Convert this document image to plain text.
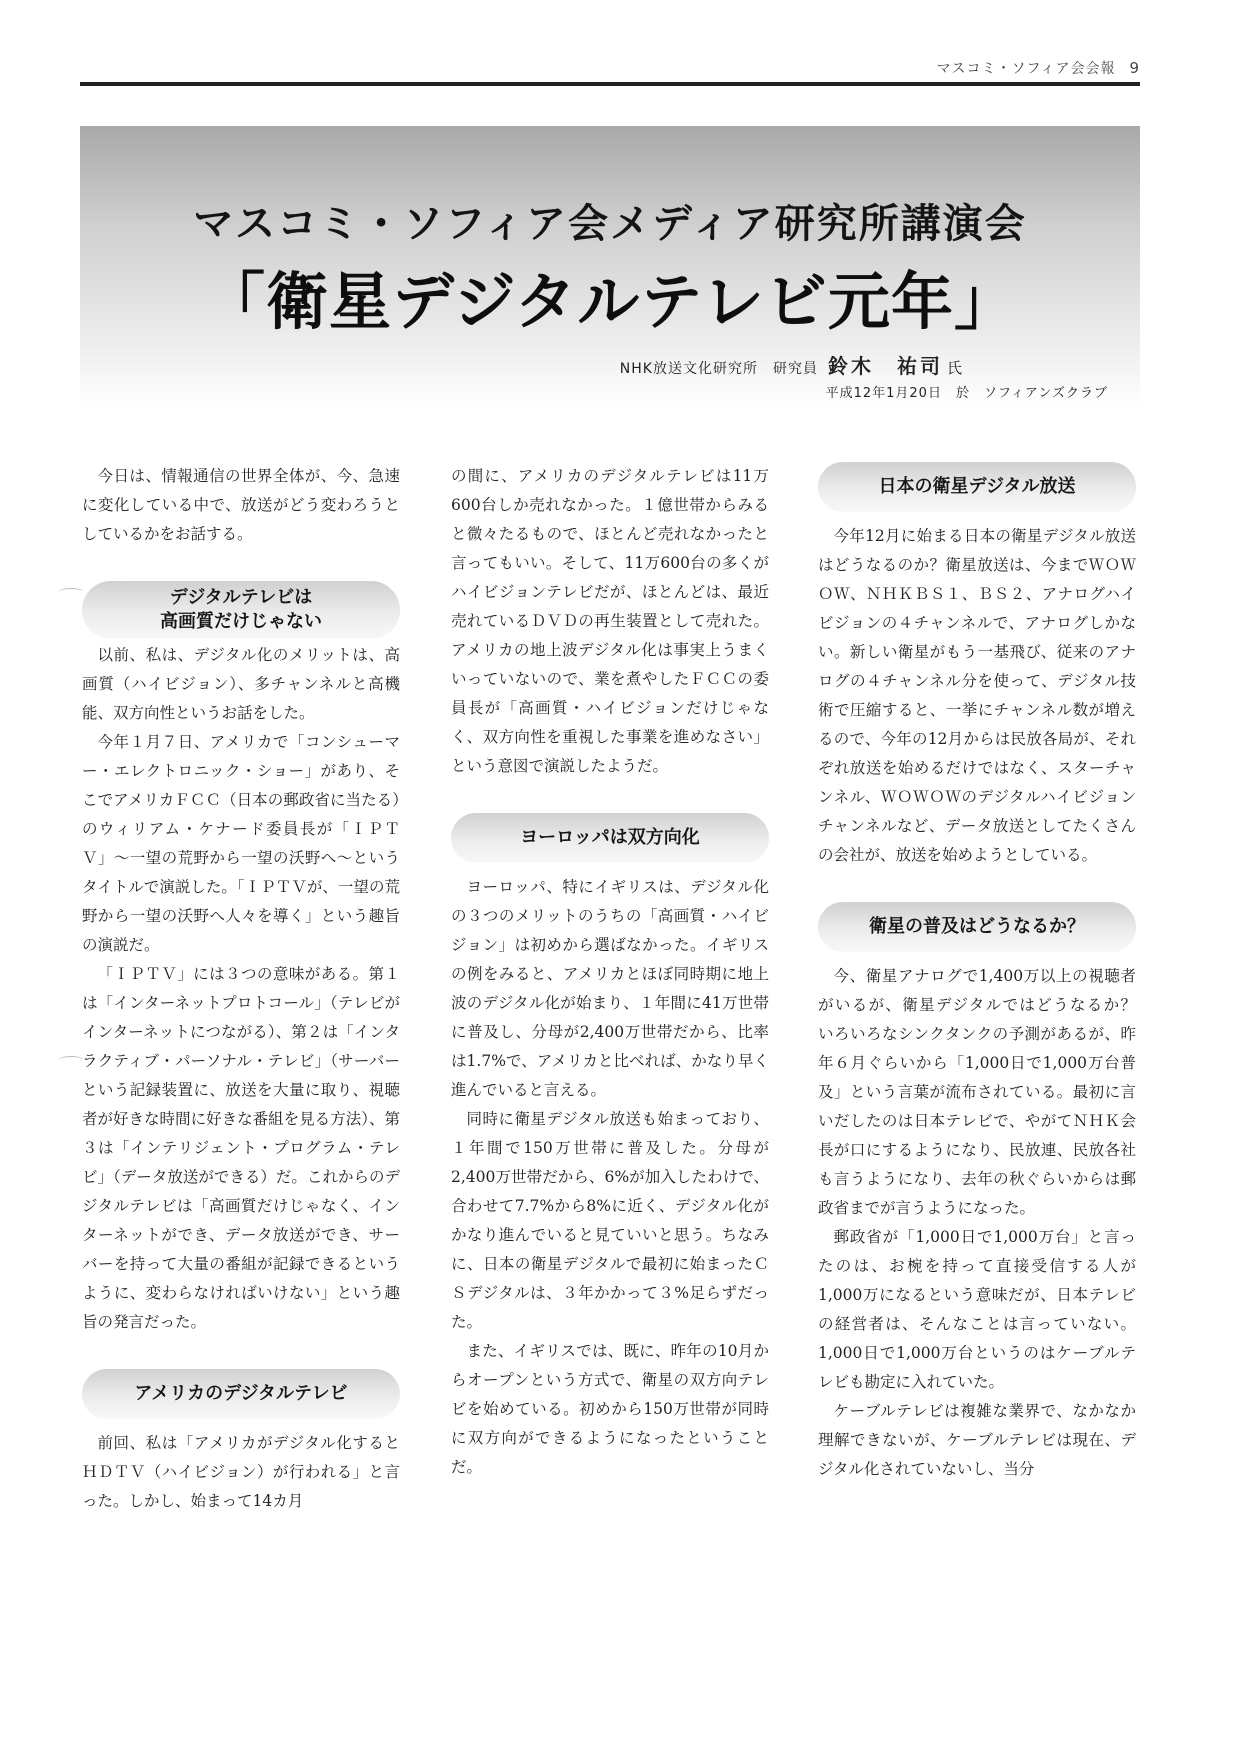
マスコミ・ソフィア会会報 9
マスコミ・ソフィア会メディア研究所講演会
「衛星デジタルテレビ元年」
NHK放送文化研究所　研究員 鈴木　祐司 氏
平成12年1月20日　於　ソフィアンズクラブ

今日は、情報通信の世界全体が、今、急速に変化している中で、放送がどう変わろうとしているかをお話する。

デジタルテレビは
高画質だけじゃない

以前、私は、デジタル化のメリットは、高画質（ハイビジョン）、多チャンネルと高機能、双方向性というお話をした。

今年１月７日、アメリカで「コンシューマー・エレクトロニック・ショー」があり、そこでアメリカＦＣＣ（日本の郵政省に当たる）のウィリアム・ケナード委員長が「ＩＰＴＶ」〜一望の荒野から一望の沃野へ〜というタイトルで演説した。「ＩＰＴＶが、一望の荒野から一望の沃野へ人々を導く」という趣旨の演説だ。

「ＩＰＴＶ」には３つの意味がある。第１は「インターネットプロトコール」（テレビがインターネットにつながる）、第２は「インタラクティブ・パーソナル・テレビ」（サーバーという記録装置に、放送を大量に取り、視聴者が好きな時間に好きな番組を見る方法）、第３は「インテリジェント・プログラム・テレビ」（データ放送ができる）だ。これからのデジタルテレビは「高画質だけじゃなく、インターネットができ、データ放送ができ、サーバーを持って大量の番組が記録できるというように、変わらなければいけない」という趣旨の発言だった。

アメリカのデジタルテレビ

前回、私は「アメリカがデジタル化するとＨＤＴＶ（ハイビジョン）が行われる」と言った。しかし、始まって14カ月

の間に、アメリカのデジタルテレビは11万600台しか売れなかった。１億世帯からみると微々たるもので、ほとんど売れなかったと言ってもいい。そして、11万600台の多くがハイビジョンテレビだが、ほとんどは、最近売れているＤＶＤの再生装置として売れた。アメリカの地上波デジタル化は事実上うまくいっていないので、業を煮やしたＦＣＣの委員長が「高画質・ハイビジョンだけじゃなく、双方向性を重視した事業を進めなさい」という意図で演説したようだ。

ヨーロッパは双方向化

ヨーロッパ、特にイギリスは、デジタル化の３つのメリットのうちの「高画質・ハイビジョン」は初めから選ばなかった。イギリスの例をみると、アメリカとほぼ同時期に地上波のデジタル化が始まり、１年間に41万世帯に普及し、分母が2,400万世帯だから、比率は1.7%で、アメリカと比べれば、かなり早く進んでいると言える。

同時に衛星デジタル放送も始まっており、１年間で150万世帯に普及した。分母が2,400万世帯だから、6%が加入したわけで、合わせて7.7%から8%に近く、デジタル化がかなり進んでいると見ていいと思う。ちなみに、日本の衛星デジタルで最初に始まったＣＳデジタルは、３年かかって３%足らずだった。

また、イギリスでは、既に、昨年の10月からオープンという方式で、衛星の双方向テレビを始めている。初めから150万世帯が同時に双方向ができるようになったということだ。

日本の衛星デジタル放送

今年12月に始まる日本の衛星デジタル放送はどうなるのか？衛星放送は、今までＷＯＷＯＷ、ＮＨＫＢＳ１、ＢＳ２、アナログハイビジョンの４チャンネルで、アナログしかない。新しい衛星がもう一基飛び、従来のアナログの４チャンネル分を使って、デジタル技術で圧縮すると、一挙にチャンネル数が増えるので、今年の12月からは民放各局が、それぞれ放送を始めるだけではなく、スターチャンネル、ＷＯＷＯＷのデジタルハイビジョンチャンネルなど、データ放送としてたくさんの会社が、放送を始めようとしている。

衛星の普及はどうなるか？

今、衛星アナログで1,400万以上の視聴者がいるが、衛星デジタルではどうなるか？　いろいろなシンクタンクの予測があるが、昨年６月ぐらいから「1,000日で1,000万台普及」という言葉が流布されている。最初に言いだしたのは日本テレビで、やがてＮＨＫ会長が口にするようになり、民放連、民放各社も言うようになり、去年の秋ぐらいからは郵政省までが言うようになった。

郵政省が「1,000日で1,000万台」と言ったのは、お椀を持って直接受信する人が1,000万になるという意味だが、日本テレビの経営者は、そんなことは言っていない。1,000日で1,000万台というのはケーブルテレビも勘定に入れていた。

ケーブルテレビは複雑な業界で、なかなか理解できないが、ケーブルテレビは現在、デジタル化されていないし、当分
